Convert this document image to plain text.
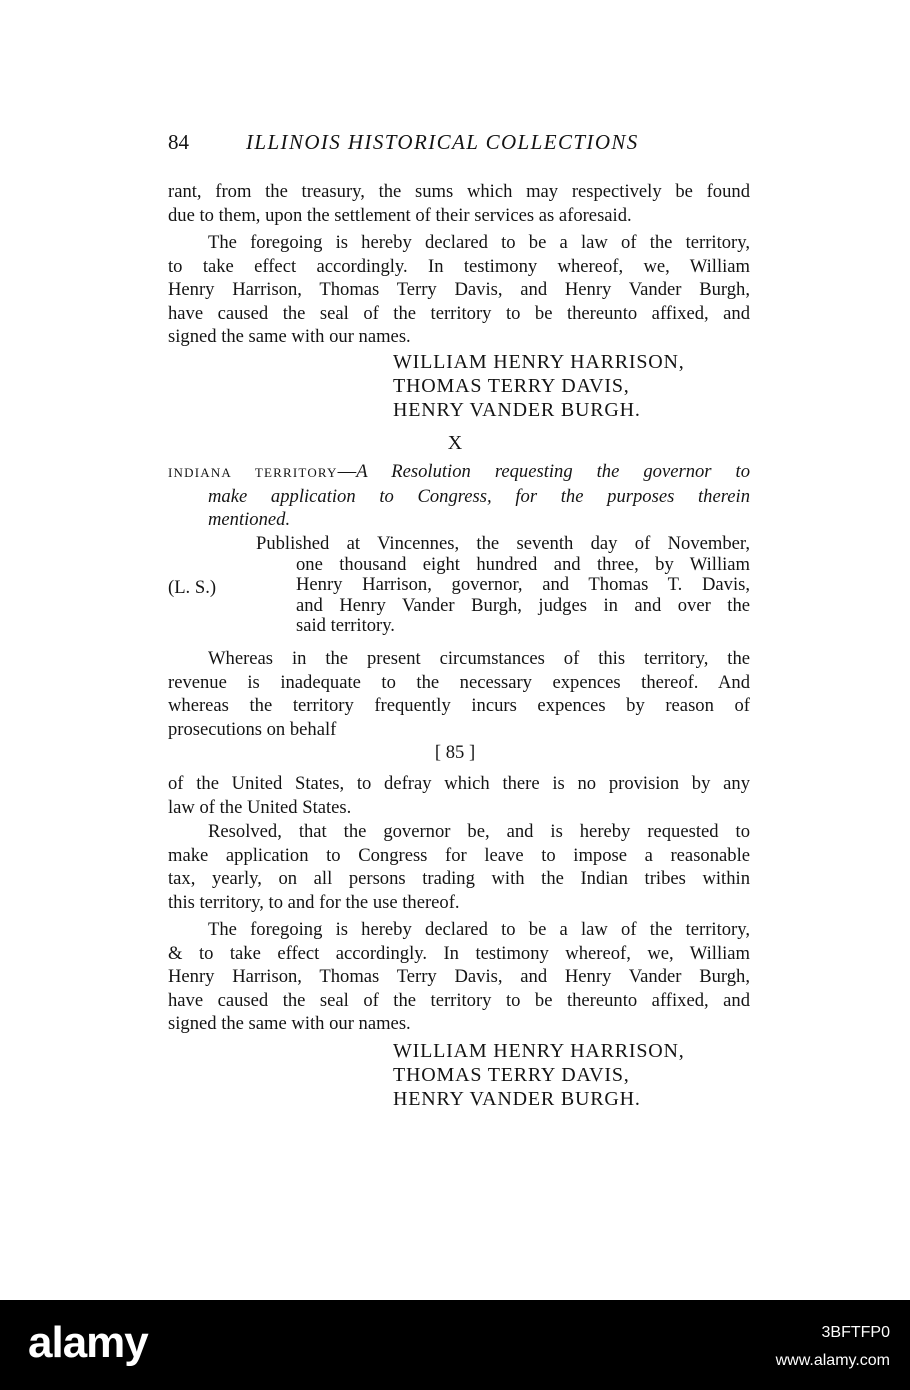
84	ILLINOIS HISTORICAL COLLECTIONS
rant, from the treasury, the sums which may respectively be found
due to them, upon the settlement of their services as aforesaid.
The foregoing is hereby declared to be a law of the territory,
to take effect accordingly. In testimony whereof, we, William
Henry Harrison, Thomas Terry Davis, and Henry Vander Burgh,
have caused the seal of the territory to be thereunto affixed, and
signed the same with our names.
WILLIAM HENRY HARRISON,
THOMAS TERRY DAVIS,
HENRY VANDER BURGH.
X
INDIANA TERRITORY—A Resolution requesting the governor to
make application to Congress, for the purposes therein
mentioned.
Published at Vincennes, the seventh day of November,
one thousand eight hundred and three, by William
Henry Harrison, governor, and Thomas T. Davis,
and Henry Vander Burgh, judges in and over the
said territory.
(L. S.)
Whereas in the present circumstances of this territory, the
revenue is inadequate to the necessary expences thereof. And
whereas the territory frequently incurs expences by reason of
prosecutions on behalf
[ 85 ]
of the United States, to defray which there is no provision by any
law of the United States.
Resolved, that the governor be, and is hereby requested to
make application to Congress for leave to impose a reasonable
tax, yearly, on all persons trading with the Indian tribes within
this territory, to and for the use thereof.
The foregoing is hereby declared to be a law of the territory,
& to take effect accordingly. In testimony whereof, we, William
Henry Harrison, Thomas Terry Davis, and Henry Vander Burgh,
have caused the seal of the territory to be thereunto affixed, and
signed the same with our names.
WILLIAM HENRY HARRISON,
THOMAS TERRY DAVIS,
HENRY VANDER BURGH.
alamy	3BFTFP0
www.alamy.com
